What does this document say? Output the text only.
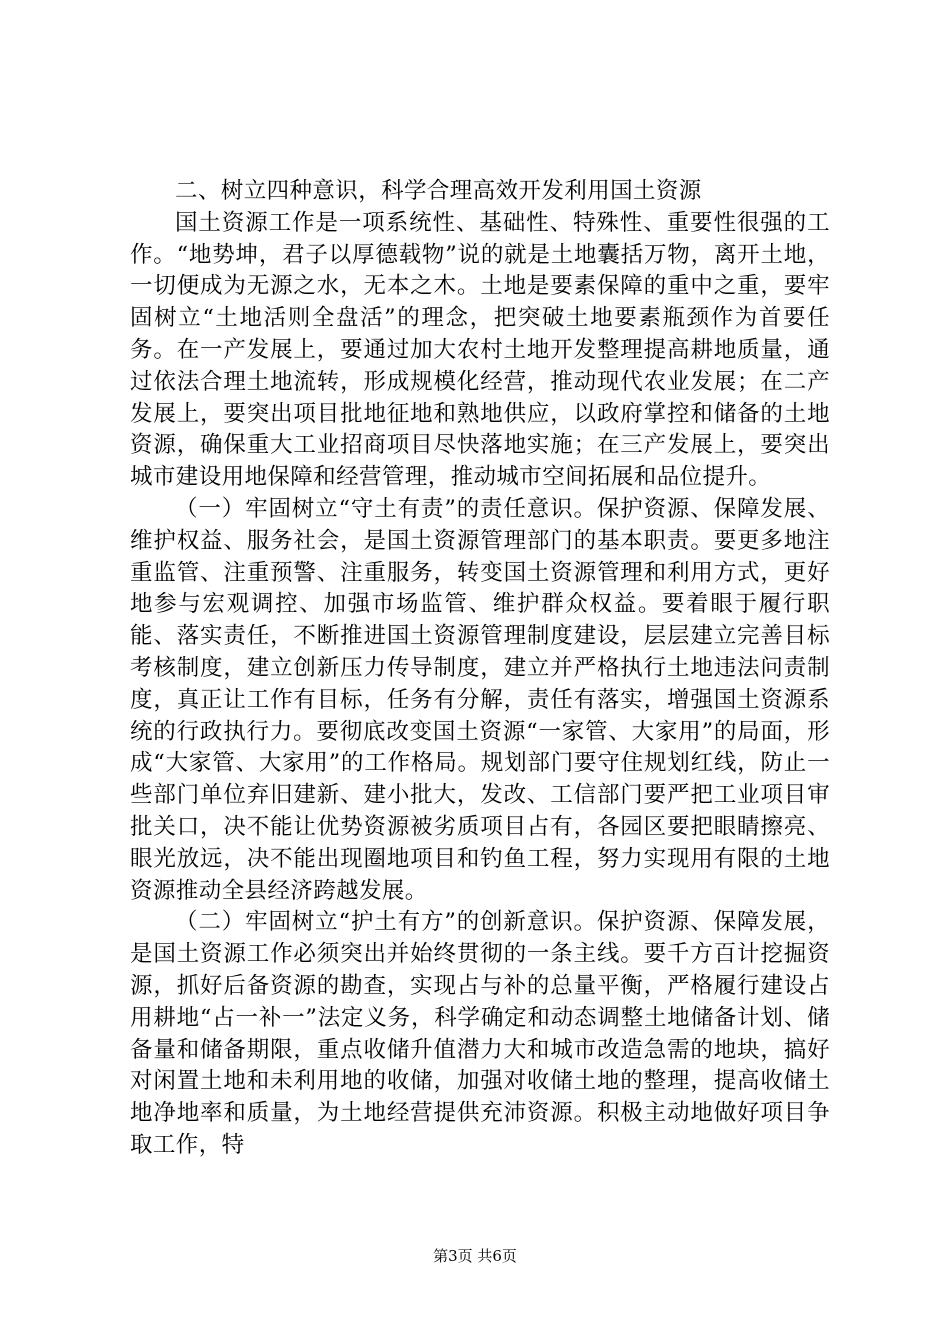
二、树立四种意识，科学合理高效开发利用国土资源

国土资源工作是一项系统性、基础性、特殊性、重要性很强的工作。“地势坤，君子以厚德载物”说的就是土地囊括万物，离开土地，一切便成为无源之水，无本之木。土地是要素保障的重中之重，要牢固树立“土地活则全盘活”的理念，把突破土地要素瓶颈作为首要任务。在一产发展上，要通过加大农村土地开发整理提高耕地质量，通过依法合理土地流转，形成规模化经营，推动现代农业发展；在二产发展上，要突出项目批地征地和熟地供应，以政府掌控和储备的土地资源，确保重大工业招商项目尽快落地实施；在三产发展上，要突出城市建设用地保障和经营管理，推动城市空间拓展和品位提升。

（一）牢固树立“守土有责”的责任意识。保护资源、保障发展、维护权益、服务社会，是国土资源管理部门的基本职责。要更多地注重监管、注重预警、注重服务，转变国土资源管理和利用方式，更好地参与宏观调控、加强市场监管、维护群众权益。要着眼于履行职能、落实责任，不断推进国土资源管理制度建设，层层建立完善目标考核制度，建立创新压力传导制度，建立并严格执行土地违法问责制度，真正让工作有目标，任务有分解，责任有落实，增强国土资源系统的行政执行力。要彻底改变国土资源“一家管、大家用”的局面，形成“大家管、大家用”的工作格局。规划部门要守住规划红线，防止一些部门单位弃旧建新、建小批大，发改、工信部门要严把工业项目审批关口，决不能让优势资源被劣质项目占有，各园区要把眼睛擦亮、眼光放远，决不能出现圈地项目和钓鱼工程，努力实现用有限的土地资源推动全县经济跨越发展。

（二）牢固树立“护土有方”的创新意识。保护资源、保障发展，是国土资源工作必须突出并始终贯彻的一条主线。要千方百计挖掘资源，抓好后备资源的勘查，实现占与补的总量平衡，严格履行建设占用耕地“占一补一”法定义务，科学确定和动态调整土地储备计划、储备量和储备期限，重点收储升值潜力大和城市改造急需的地块，搞好对闲置土地和未利用地的收储，加强对收储土地的整理，提高收储土地净地率和质量，为土地经营提供充沛资源。积极主动地做好项目争取工作，特

第3页 共6页
